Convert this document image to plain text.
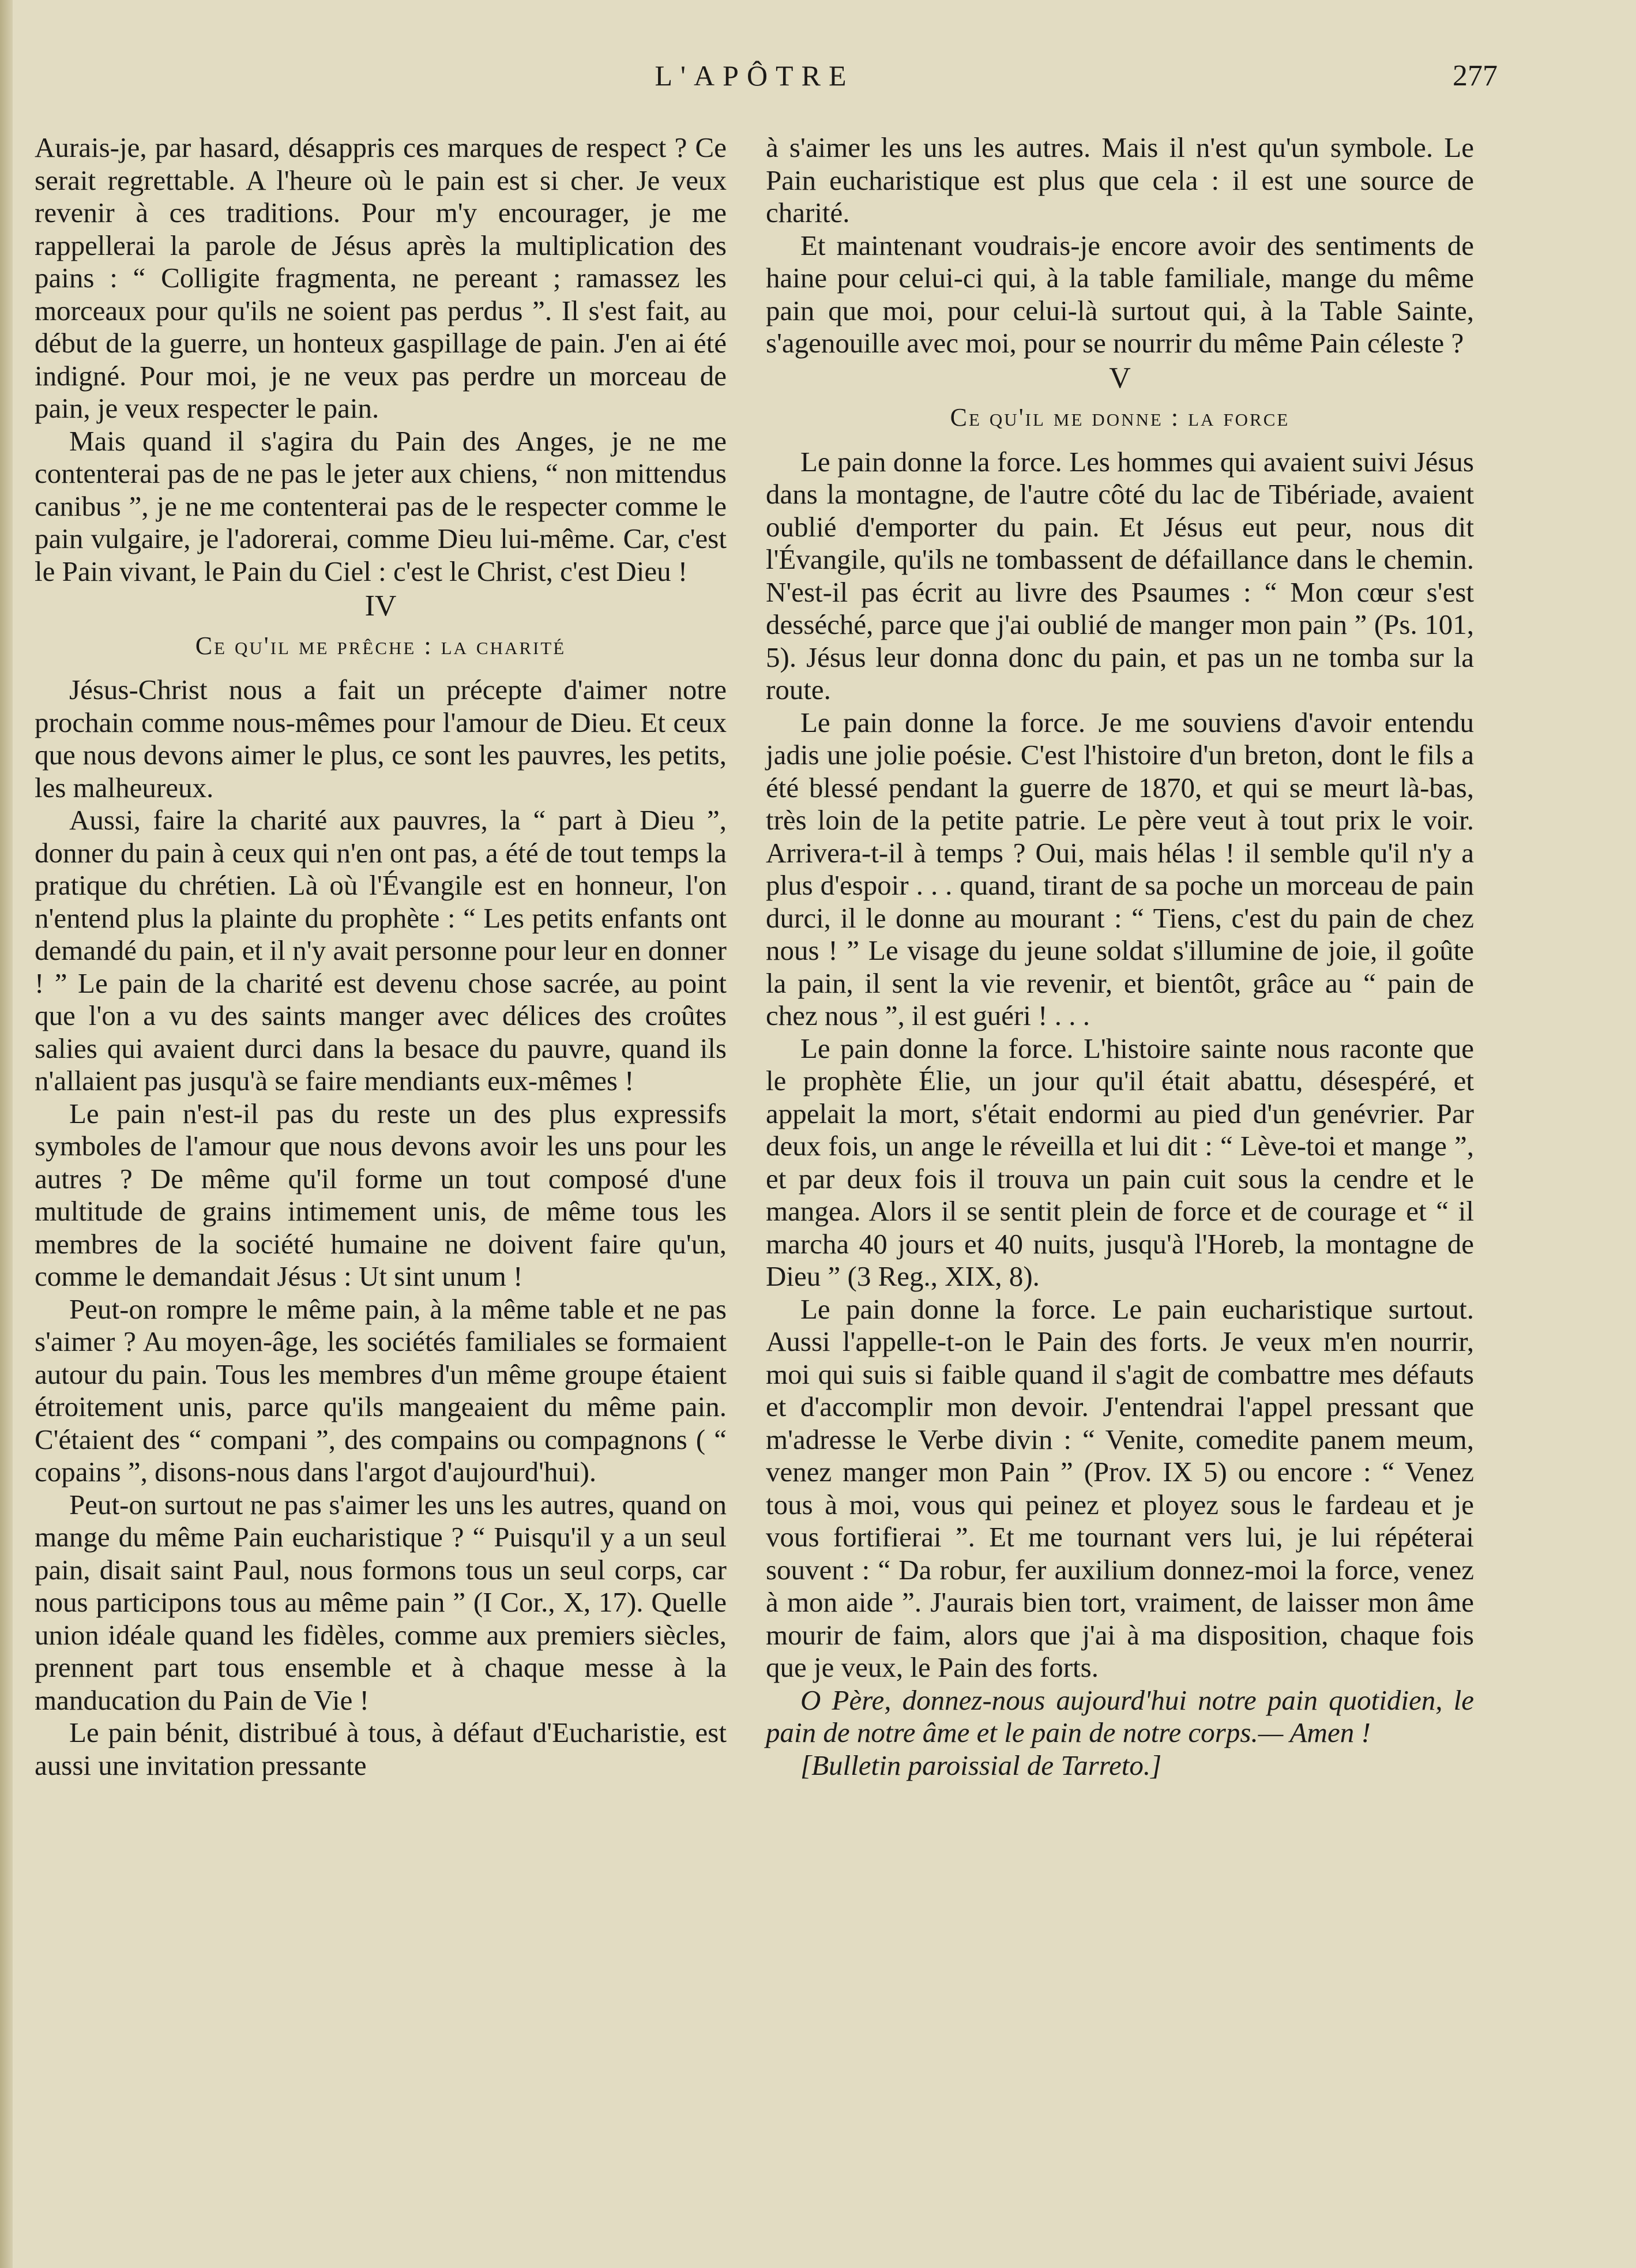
L'APÔTRE	277

Aurais-je, par hasard, désappris ces marques de respect ? Ce serait regrettable. A l'heure où le pain est si cher. Je veux revenir à ces traditions. Pour m'y encourager, je me rappellerai la parole de Jésus après la multiplication des pains : “ Colligite fragmenta, ne pereant ; ramassez les morceaux pour qu'ils ne soient pas perdus ”. Il s'est fait, au début de la guerre, un honteux gaspillage de pain. J'en ai été indigné. Pour moi, je ne veux pas perdre un morceau de pain, je veux respecter le pain.

Mais quand il s'agira du Pain des Anges, je ne me contenterai pas de ne pas le jeter aux chiens, “ non mittendus canibus ”, je ne me contenterai pas de le respecter comme le pain vulgaire, je l'adorerai, comme Dieu lui-même. Car, c'est le Pain vivant, le Pain du Ciel : c'est le Christ, c'est Dieu !

IV

Ce qu'il me prêche : la charité

Jésus-Christ nous a fait un précepte d'aimer notre prochain comme nous-mêmes pour l'amour de Dieu. Et ceux que nous devons aimer le plus, ce sont les pauvres, les petits, les malheureux.

Aussi, faire la charité aux pauvres, la “ part à Dieu ”, donner du pain à ceux qui n'en ont pas, a été de tout temps la pratique du chrétien. Là où l'Évangile est en honneur, l'on n'entend plus la plainte du prophète : “ Les petits enfants ont demandé du pain, et il n'y avait personne pour leur en donner ! ” Le pain de la charité est devenu chose sacrée, au point que l'on a vu des saints manger avec délices des croûtes salies qui avaient durci dans la besace du pauvre, quand ils n'allaient pas jusqu'à se faire mendiants eux-mêmes !

Le pain n'est-il pas du reste un des plus expressifs symboles de l'amour que nous devons avoir les uns pour les autres ? De même qu'il forme un tout composé d'une multitude de grains intimement unis, de même tous les membres de la société humaine ne doivent faire qu'un, comme le demandait Jésus : Ut sint unum !

Peut-on rompre le même pain, à la même table et ne pas s'aimer ? Au moyen-âge, les sociétés familiales se formaient autour du pain. Tous les membres d'un même groupe étaient étroitement unis, parce qu'ils mangeaient du même pain. C'étaient des “ compani ”, des compains ou compagnons ( “ copains ”, disons-nous dans l'argot d'aujourd'hui).

Peut-on surtout ne pas s'aimer les uns les autres, quand on mange du même Pain eucharistique ? “ Puisqu'il y a un seul pain, disait saint Paul, nous formons tous un seul corps, car nous participons tous au même pain ” (I Cor., X, 17). Quelle union idéale quand les fidèles, comme aux premiers siècles, prennent part tous ensemble et à chaque messe à la manducation du Pain de Vie !

Le pain bénit, distribué à tous, à défaut d'Eucharistie, est aussi une invitation pressante

à s'aimer les uns les autres. Mais il n'est qu'un symbole. Le Pain eucharistique est plus que cela : il est une source de charité.

Et maintenant voudrais-je encore avoir des sentiments de haine pour celui-ci qui, à la table familiale, mange du même pain que moi, pour celui-là surtout qui, à la Table Sainte, s'agenouille avec moi, pour se nourrir du même Pain céleste ?

V

Ce qu'il me donne : la force

Le pain donne la force. Les hommes qui avaient suivi Jésus dans la montagne, de l'autre côté du lac de Tibériade, avaient oublié d'emporter du pain. Et Jésus eut peur, nous dit l'Évangile, qu'ils ne tombassent de défaillance dans le chemin. N'est-il pas écrit au livre des Psaumes : “ Mon cœur s'est desséché, parce que j'ai oublié de manger mon pain ” (Ps. 101, 5). Jésus leur donna donc du pain, et pas un ne tomba sur la route.

Le pain donne la force. Je me souviens d'avoir entendu jadis une jolie poésie. C'est l'histoire d'un breton, dont le fils a été blessé pendant la guerre de 1870, et qui se meurt là-bas, très loin de la petite patrie. Le père veut à tout prix le voir. Arrivera-t-il à temps ? Oui, mais hélas ! il semble qu'il n'y a plus d'espoir . . . quand, tirant de sa poche un morceau de pain durci, il le donne au mourant : “ Tiens, c'est du pain de chez nous ! ” Le visage du jeune soldat s'illumine de joie, il goûte la pain, il sent la vie revenir, et bientôt, grâce au “ pain de chez nous ”, il est guéri ! . . .

Le pain donne la force. L'histoire sainte nous raconte que le prophète Élie, un jour qu'il était abattu, désespéré, et appelait la mort, s'était endormi au pied d'un genévrier. Par deux fois, un ange le réveilla et lui dit : “ Lève-toi et mange ”, et par deux fois il trouva un pain cuit sous la cendre et le mangea. Alors il se sentit plein de force et de courage et “ il marcha 40 jours et 40 nuits, jusqu'à l'Horeb, la montagne de Dieu ” (3 Reg., XIX, 8).

Le pain donne la force. Le pain eucharistique surtout. Aussi l'appelle-t-on le Pain des forts. Je veux m'en nourrir, moi qui suis si faible quand il s'agit de combattre mes défauts et d'accomplir mon devoir. J'entendrai l'appel pressant que m'adresse le Verbe divin : “ Venite, comedite panem meum, venez manger mon Pain ” (Prov. IX 5) ou encore : “ Venez tous à moi, vous qui peinez et ployez sous le fardeau et je vous fortifierai ”. Et me tournant vers lui, je lui répéterai souvent : “ Da robur, fer auxilium donnez-moi la force, venez à mon aide ”. J'aurais bien tort, vraiment, de laisser mon âme mourir de faim, alors que j'ai à ma disposition, chaque fois que je veux, le Pain des forts.

O Père, donnez-nous aujourd'hui notre pain quotidien, le pain de notre âme et le pain de notre corps.— Amen !

[Bulletin paroissial de Tarreto.]
